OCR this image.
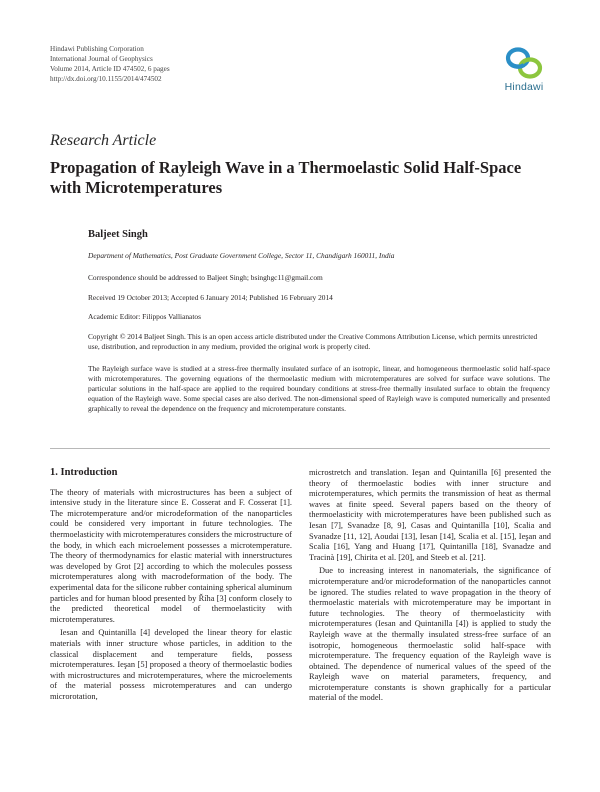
Hindawi Publishing Corporation
International Journal of Geophysics
Volume 2014, Article ID 474502, 6 pages
http://dx.doi.org/10.1155/2014/474502
Hindawi
Research Article
Propagation of Rayleigh Wave in a Thermoelastic Solid Half-Space with Microtemperatures
Baljeet Singh
Department of Mathematics, Post Graduate Government College, Sector 11, Chandigarh 160011, India
Correspondence should be addressed to Baljeet Singh; bsinghgc11@gmail.com
Received 19 October 2013; Accepted 6 January 2014; Published 16 February 2014
Academic Editor: Filippos Vallianatos
Copyright © 2014 Baljeet Singh. This is an open access article distributed under the Creative Commons Attribution License, which permits unrestricted use, distribution, and reproduction in any medium, provided the original work is properly cited.
The Rayleigh surface wave is studied at a stress-free thermally insulated surface of an isotropic, linear, and homogeneous thermoelastic solid half-space with microtemperatures. The governing equations of the thermoelastic medium with microtemperatures are solved for surface wave solutions. The particular solutions in the half-space are applied to the required boundary conditions at stress-free thermally insulated surface to obtain the frequency equation of the Rayleigh wave. Some special cases are also derived. The non-dimensional speed of Rayleigh wave is computed numerically and presented graphically to reveal the dependence on the frequency and microtemperature constants.
1. Introduction

The theory of materials with microstructures has been a subject of intensive study in the literature since E. Cosserat and F. Cosserat [1]. The microtemperature and/or microdeformation of the nanoparticles could be considered very important in future technologies. The thermoelasticity with microtemperatures considers the microstructure of the body, in which each microelement possesses a microtemperature. The theory of thermodynamics for elastic material with innerstructures was developed by Grot [2] according to which the molecules possess microtemperatures along with macrodeformation of the body. The experimental data for the silicone rubber containing spherical aluminum particles and for human blood presented by Říha [3] conform closely to the predicted theoretical model of thermoelasticity with microtemperatures.

Iesan and Quintanilla [4] developed the linear theory for elastic materials with inner structure whose particles, in addition to the classical displacement and temperature fields, possess microtemperatures. Ieşan [5] proposed a theory of thermoelastic bodies with microstructures and microtemperatures, where the microelements of the material possess microtemperatures and can undergo microrotation,

microstretch and translation. Ieşan and Quintanilla [6] presented the theory of thermoelastic bodies with inner structure and microtemperatures, which permits the transmission of heat as thermal waves at finite speed. Several papers based on the theory of thermoelasticity with microtemperatures have been published such as Iesan [7], Svanadze [8, 9], Casas and Quintanilla [10], Scalia and Svanadze [11, 12], Aoudai [13], Iesan [14], Scalia et al. [15], Ieşan and Scalia [16], Yang and Huang [17], Quintanilla [18], Svanadze and Tracinà [19], Chirita et al. [20], and Steeb et al. [21].

Due to increasing interest in nanomaterials, the significance of microtemperature and/or microdeformation of the nanoparticles cannot be ignored. The studies related to wave propagation in the theory of thermoelastic materials with microtemperature may be important in future technologies. The theory of thermoelasticity with microtemperatures (Iesan and Quintanilla [4]) is applied to study the Rayleigh wave at the thermally insulated stress-free surface of an isotropic, homogeneous thermoelastic solid half-space with microtemperature. The frequency equation of the Rayleigh wave is obtained. The dependence of numerical values of the speed of the Rayleigh wave on material parameters, frequency, and microtemperature constants is shown graphically for a particular material of the model.
